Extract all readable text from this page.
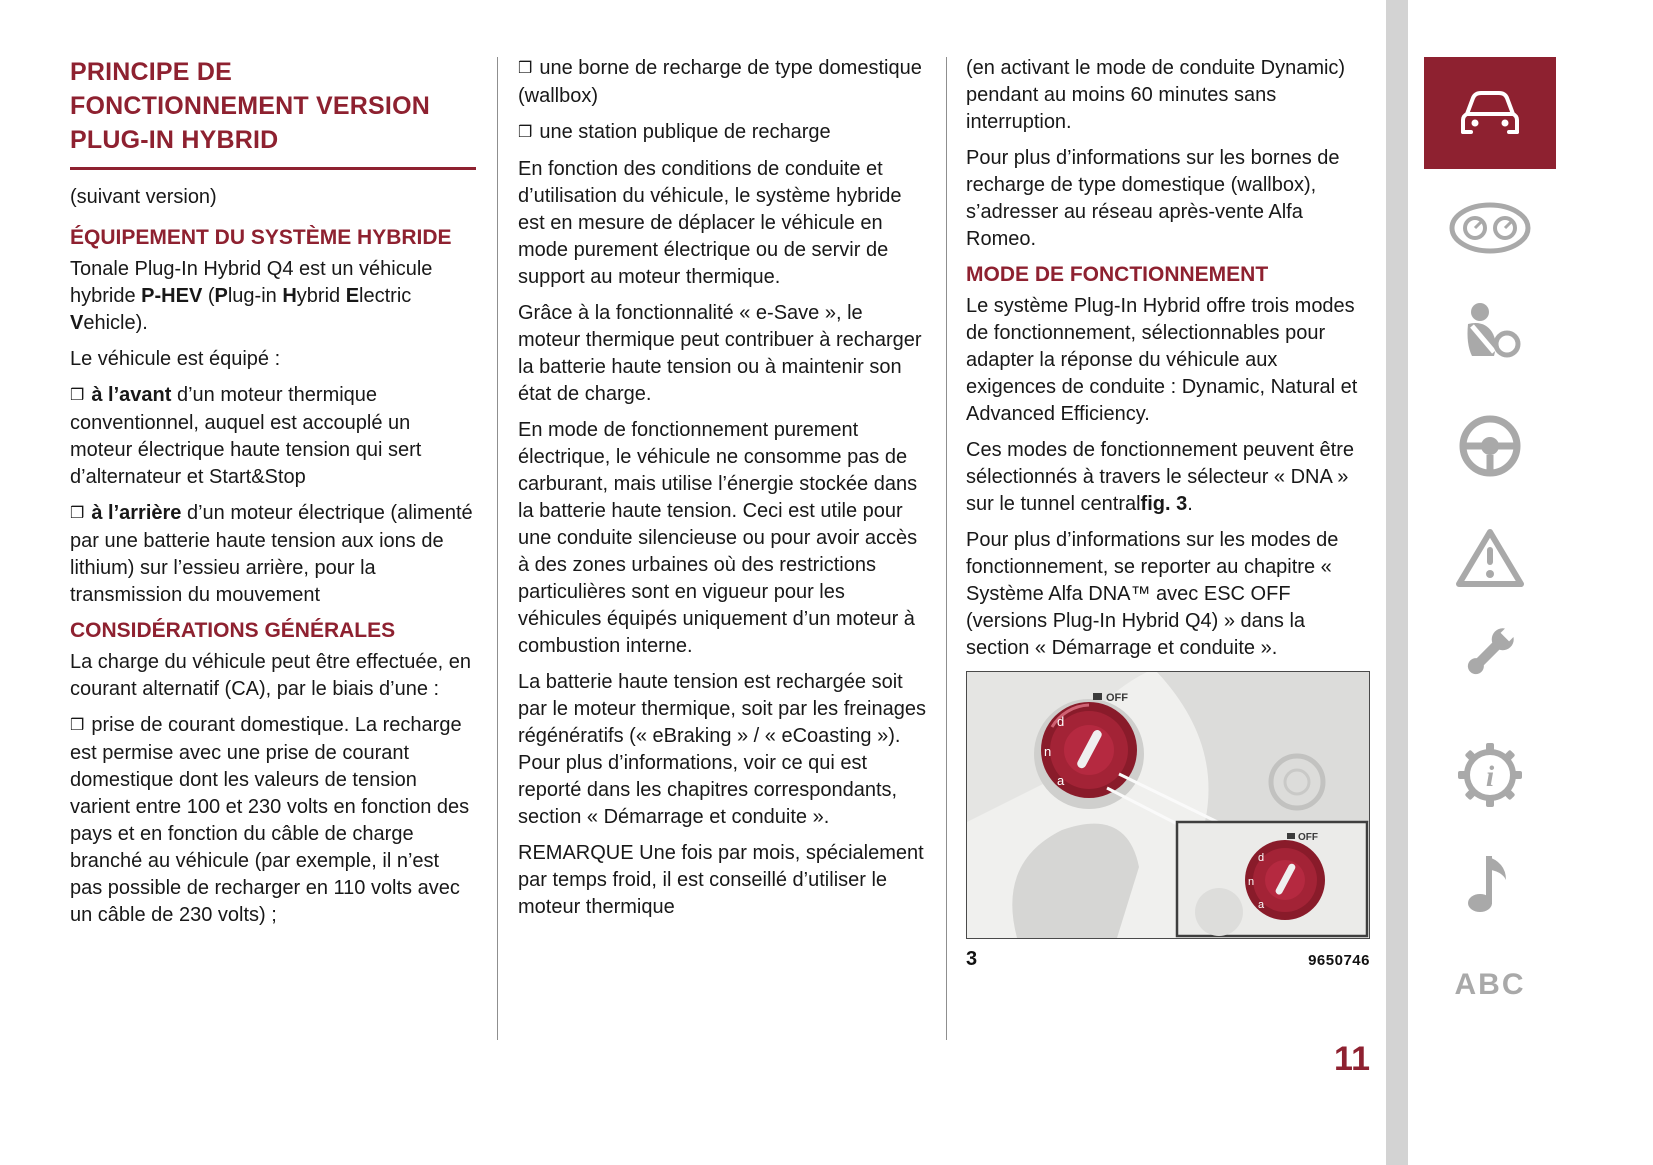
PRINCIPE DE
FONCTIONNEMENT VERSION
PLUG-IN HYBRID

(suivant version)

ÉQUIPEMENT DU SYSTÈME HYBRIDE

Tonale Plug-In Hybrid Q4 est un véhicule hybride P-HEV (Plug-in Hybrid Electric Vehicle).

Le véhicule est équipé :

❒ à l’avant d’un moteur thermique conventionnel, auquel est accouplé un moteur électrique haute tension qui sert d’alternateur et Start&Stop

❒ à l’arrière d’un moteur électrique (alimenté par une batterie haute tension aux ions de lithium) sur l’essieu arrière, pour la transmission du mouvement

CONSIDÉRATIONS GÉNÉRALES

La charge du véhicule peut être effectuée, en courant alternatif (CA), par le biais d’une :

❒ prise de courant domestique. La recharge est permise avec une prise de courant domestique dont les valeurs de tension varient entre 100 et 230 volts en fonction des pays et en fonction du câble de charge branché au véhicule (par exemple, il n’est pas possible de recharger en 110 volts avec un câble de 230 volts) ;

❒ une borne de recharge de type domestique (wallbox)

❒ une station publique de recharge

En fonction des conditions de conduite et d’utilisation du véhicule, le système hybride est en mesure de déplacer le véhicule en mode purement électrique ou de servir de support au moteur thermique.

Grâce à la fonctionnalité « e-Save », le moteur thermique peut contribuer à recharger la batterie haute tension ou à maintenir son état de charge.

En mode de fonctionnement purement électrique, le véhicule ne consomme pas de carburant, mais utilise l’énergie stockée dans la batterie haute tension. Ceci est utile pour une conduite silencieuse ou pour avoir accès à des zones urbaines où des restrictions particulières sont en vigueur pour les véhicules équipés uniquement d’un moteur à combustion interne.

La batterie haute tension est rechargée soit par le moteur thermique, soit par les freinages régénératifs (« eBraking » / « eCoasting »). Pour plus d’informations, voir ce qui est reporté dans les chapitres correspondants, section « Démarrage et conduite ».

REMARQUE Une fois par mois, spécialement par temps froid, il est conseillé d’utiliser le moteur thermique

(en activant le mode de conduite Dynamic) pendant au moins 60 minutes sans interruption.

Pour plus d’informations sur les bornes de recharge de type domestique (wallbox), s’adresser au réseau après-vente Alfa Romeo.

MODE DE FONCTIONNEMENT

Le système Plug-In Hybrid offre trois modes de fonctionnement, sélectionnables pour adapter la réponse du véhicule aux exigences de conduite : Dynamic, Natural et Advanced Efficiency.

Ces modes de fonctionnement peuvent être sélectionnés à travers le sélecteur « DNA » sur le tunnel centralfig. 3.

Pour plus d’informations sur les modes de fonctionnement, se reporter au chapitre « Système Alfa DNA™ avec ESC OFF (versions Plug-In Hybrid Q4) » dans la section « Démarrage et conduite ».

d
n
a
OFF
d
n
a
OFF
3	9650746
11
i
ABC
